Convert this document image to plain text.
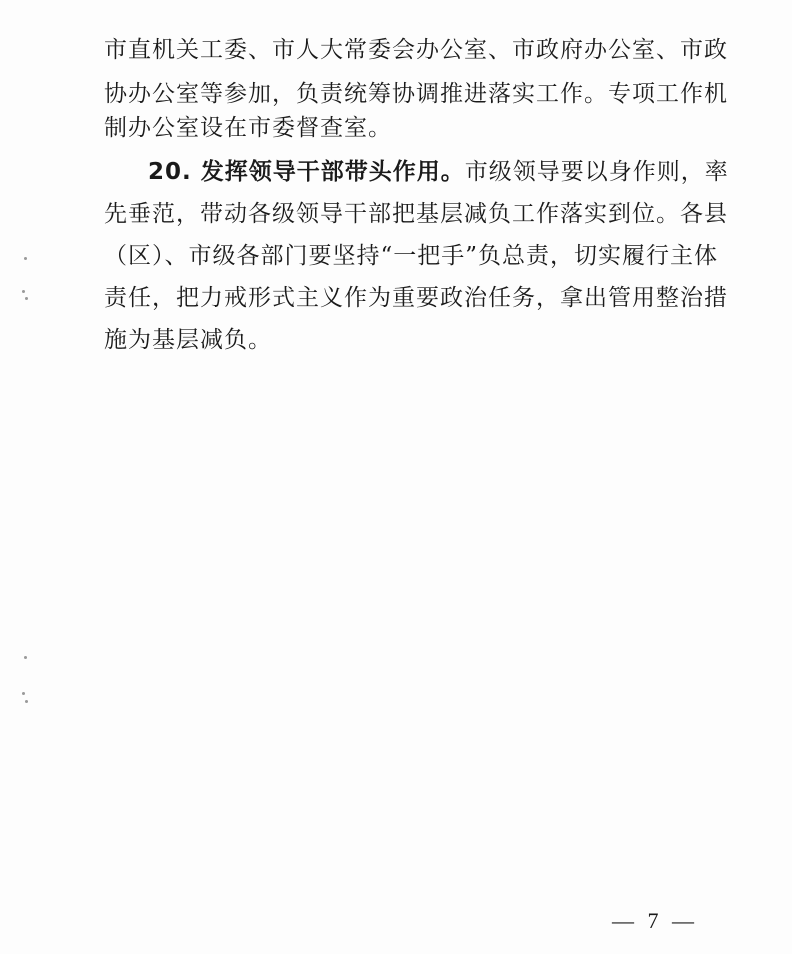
市直机关工委、市人大常委会办公室、市政府办公室、市政
协办公室等参加，负责统筹协调推进落实工作。专项工作机
制办公室设在市委督查室。
20. 发挥领导干部带头作用。市级领导要以身作则，率
先垂范，带动各级领导干部把基层减负工作落实到位。各县
（区）、市级各部门要坚持“一把手”负总责，切实履行主体
责任，把力戒形式主义作为重要政治任务，拿出管用整治措
施为基层减负。
— 7 —
